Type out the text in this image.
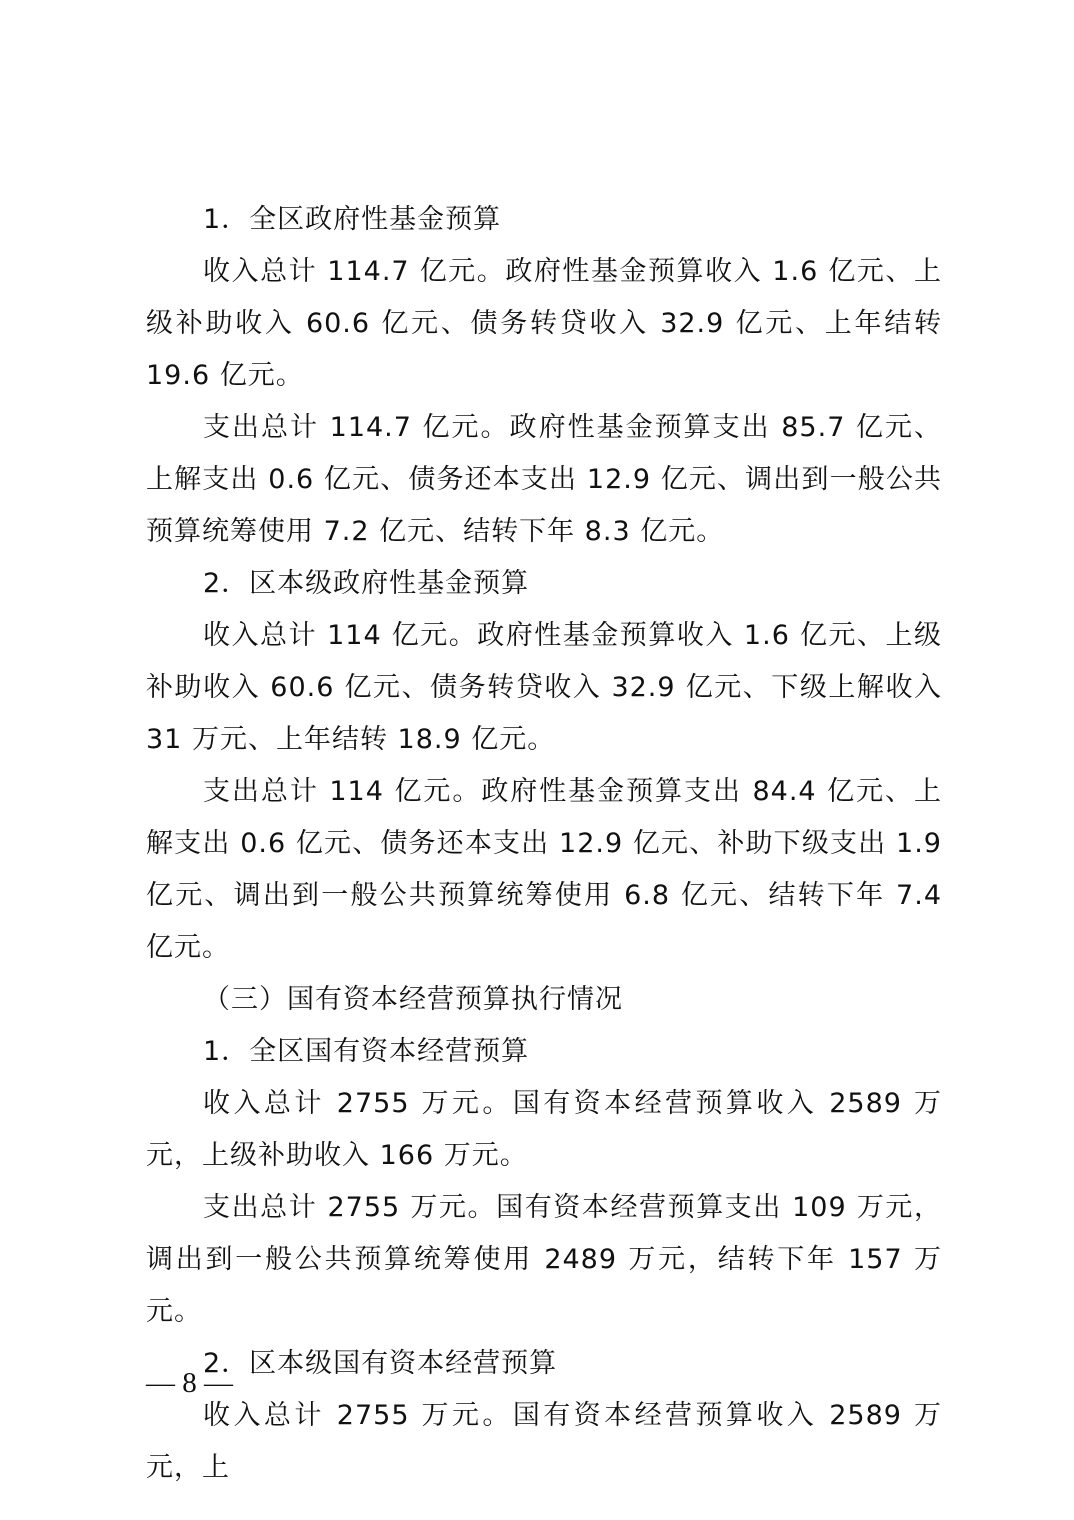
1．全区政府性基金预算

收入总计 114.7 亿元。政府性基金预算收入 1.6 亿元、上级补助收入 60.6 亿元、债务转贷收入 32.9 亿元、上年结转 19.6 亿元。

支出总计 114.7 亿元。政府性基金预算支出 85.7 亿元、上解支出 0.6 亿元、债务还本支出 12.9 亿元、调出到一般公共预算统筹使用 7.2 亿元、结转下年 8.3 亿元。

2．区本级政府性基金预算

收入总计 114 亿元。政府性基金预算收入 1.6 亿元、上级补助收入 60.6 亿元、债务转贷收入 32.9 亿元、下级上解收入 31 万元、上年结转 18.9 亿元。

支出总计 114 亿元。政府性基金预算支出 84.4 亿元、上解支出 0.6 亿元、债务还本支出 12.9 亿元、补助下级支出 1.9 亿元、调出到一般公共预算统筹使用 6.8 亿元、结转下年 7.4 亿元。

（三）国有资本经营预算执行情况

1．全区国有资本经营预算

收入总计 2755 万元。国有资本经营预算收入 2589 万元，上级补助收入 166 万元。

支出总计 2755 万元。国有资本经营预算支出 109 万元，调出到一般公共预算统筹使用 2489 万元，结转下年 157 万元。

2．区本级国有资本经营预算

收入总计 2755 万元。国有资本经营预算收入 2589 万元，上

— 8 —
